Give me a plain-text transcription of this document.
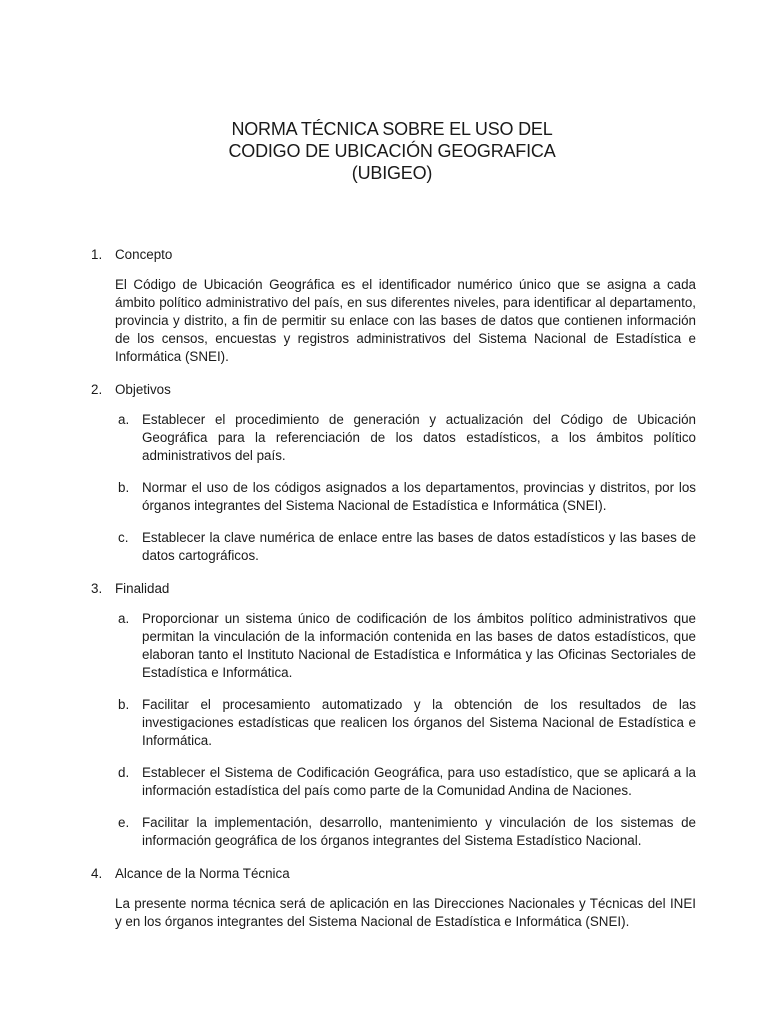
NORMA TÉCNICA SOBRE EL USO DEL
CODIGO DE UBICACIÓN GEOGRAFICA
(UBIGEO)
1. Concepto
El Código de Ubicación Geográfica es el identificador numérico único que se asigna a cada ámbito político administrativo del país, en sus diferentes niveles, para identificar al departamento, provincia y distrito, a fin de permitir su enlace con las bases de datos que contienen información de los censos, encuestas y registros administrativos del Sistema Nacional de Estadística e Informática (SNEI).
2. Objetivos
a. Establecer el procedimiento de generación y actualización del Código de Ubicación Geográfica para la referenciación de los datos estadísticos, a los ámbitos político administrativos del país.
b. Normar el uso de los códigos asignados a los departamentos, provincias y distritos, por los órganos integrantes del Sistema Nacional de Estadística e Informática (SNEI).
c. Establecer la clave numérica de enlace entre las bases de datos estadísticos y las bases de datos cartográficos.
3. Finalidad
a. Proporcionar un sistema único de codificación de los ámbitos político administrativos que permitan la vinculación de la información contenida en las bases de datos estadísticos, que elaboran tanto el Instituto Nacional de Estadística e Informática y las Oficinas Sectoriales de Estadística e Informática.
b. Facilitar el procesamiento automatizado y la obtención de los resultados de las investigaciones estadísticas que realicen los órganos del Sistema Nacional de Estadística e Informática.
d. Establecer el Sistema de Codificación Geográfica, para uso estadístico, que se aplicará a la información estadística del país como parte de la Comunidad Andina de Naciones.
e. Facilitar la implementación, desarrollo, mantenimiento y vinculación de los sistemas de información geográfica de los órganos integrantes del Sistema Estadístico Nacional.
4. Alcance de la Norma Técnica
La presente norma técnica será de aplicación en las Direcciones Nacionales y Técnicas del INEI y en los órganos integrantes del Sistema Nacional de Estadística e Informática (SNEI).
